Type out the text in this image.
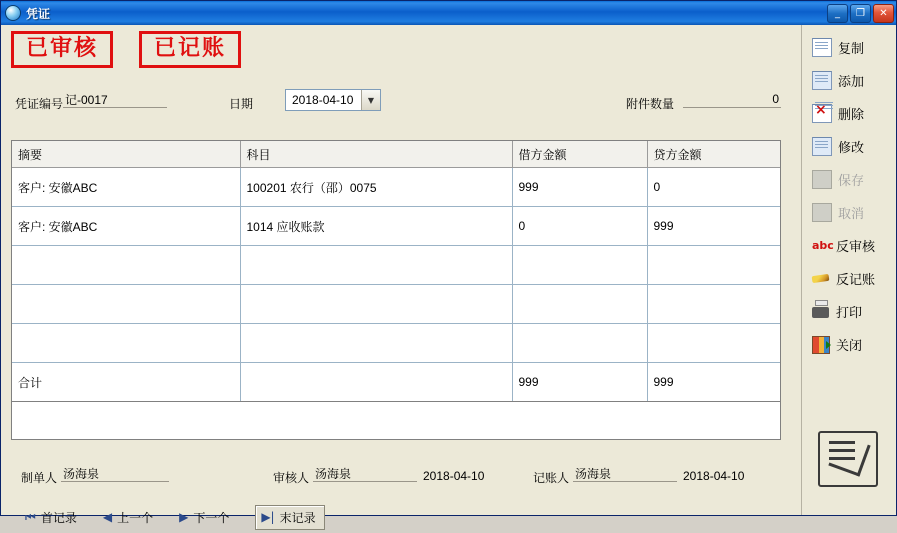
凭证	_	❐	✕
已审核	已记账
凭证编号
记-0017	日期	2018-04-10	▼	附件数量
0
摘要	科目	借方金额	贷方金额
客户: 安徽ABC	100201 农行（邵）0075	999	0
客户: 安徽ABC	1014 应收账款	0	999

合计		999	999
制单人
汤海泉	审核人
汤海泉	2018-04-10	记账人
汤海泉	2018-04-10
⏮ 首记录 ◀ 上一个 ▶ 下一个	▶| 末记录
复制
添加
×
删除
修改
保存
取消
abc 反审核
反记账
打印
关闭
